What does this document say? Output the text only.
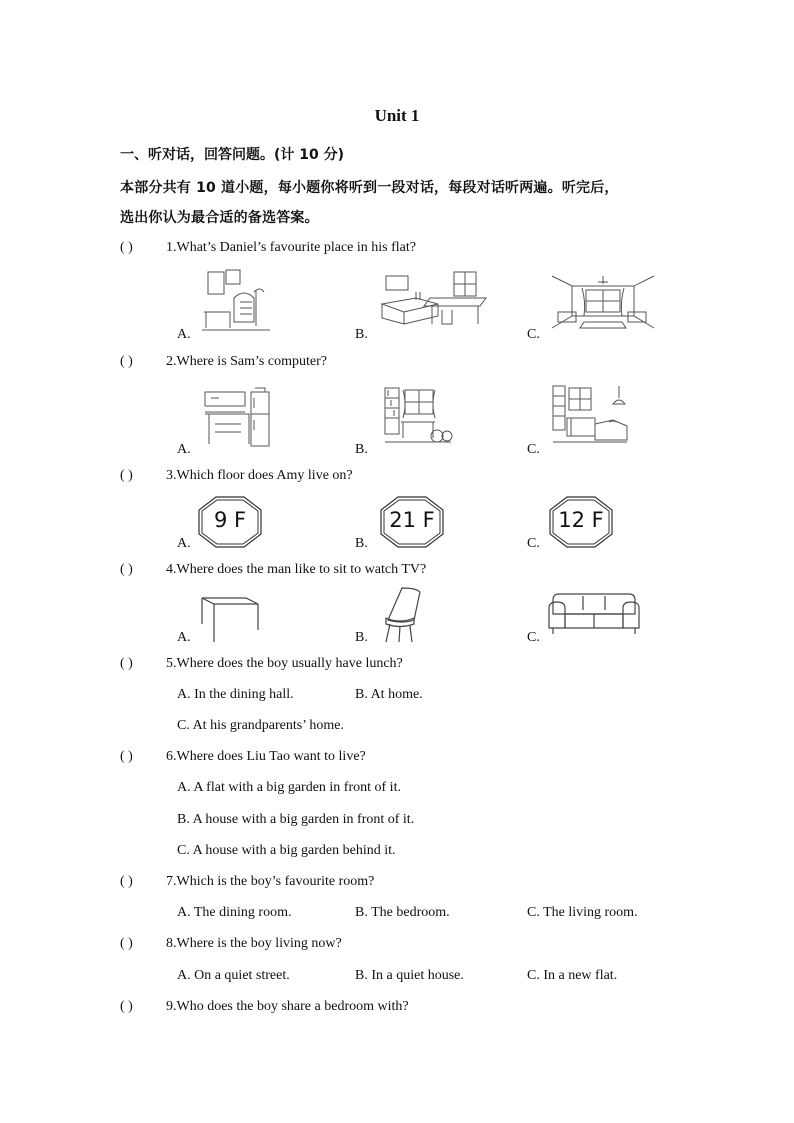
Unit 1
一、听对话，回答问题。(计 10 分)
本部分共有 10 道小题，每小题你将听到一段对话，每段对话听两遍。听完后，
选出你认为最合适的备选答案。
( ) 1.What’s Daniel’s favourite place in his flat?
A.	B.	C.
( ) 2.Where is Sam’s computer?
A.	B.	C.
( ) 3.Which floor does Amy live on?
A.	B.	C.
9 F	21 F	12 F
( ) 4.Where does the man like to sit to watch TV?
A.	B.	C.
( ) 5.Where does the boy usually have lunch?
A. In the dining hall.	B. At home.
C. At his grandparents’ home.
( ) 6.Where does Liu Tao want to live?
A. A flat with a big garden in front of it.
B. A house with a big garden in front of it.
C. A house with a big garden behind it.
( ) 7.Which is the boy’s favourite room?
A. The dining room.	B. The bedroom.	C. The living room.
( ) 8.Where is the boy living now?
A. On a quiet street.	B. In a quiet house.	C. In a new flat.
( ) 9.Who does the boy share a bedroom with?
